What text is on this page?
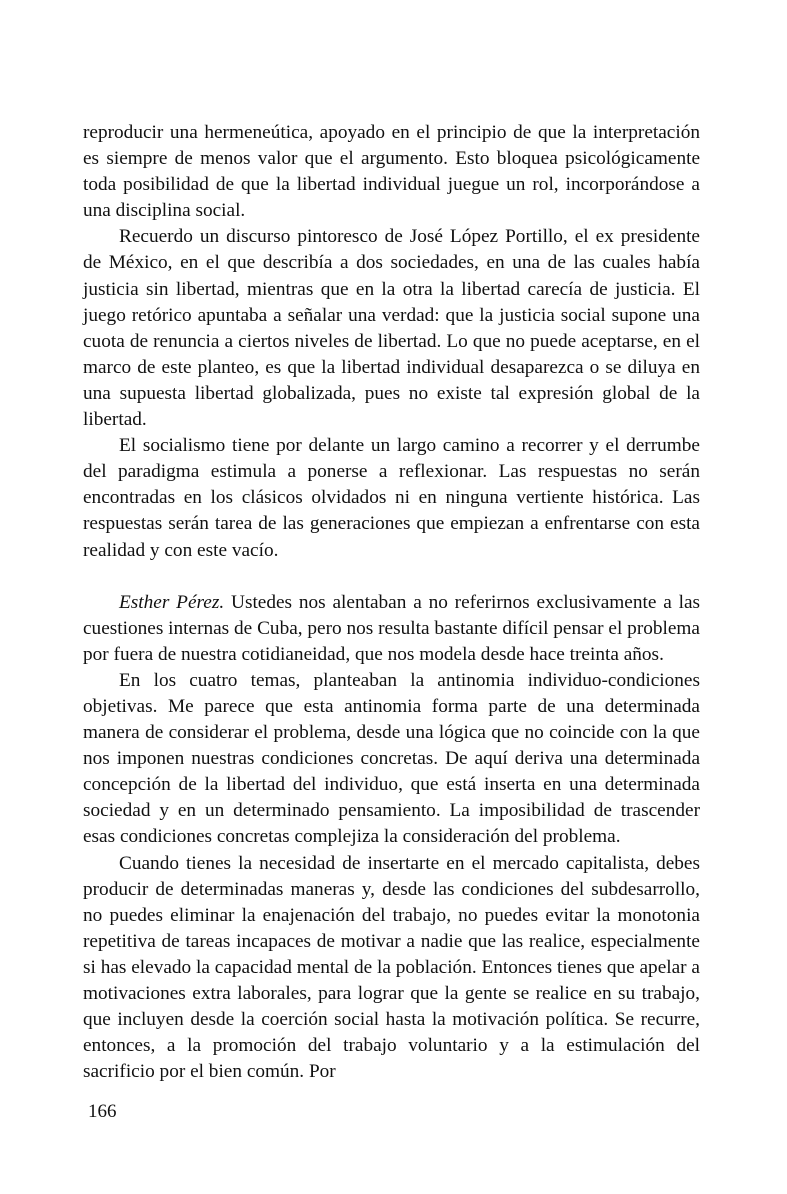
reproducir una hermeneútica, apoyado en el principio de que la interpretación es siempre de menos valor que el argumento. Esto bloquea psicológicamente toda posibilidad de que la libertad individual juegue un rol, incorporándose a una disciplina social.

Recuerdo un discurso pintoresco de José López Portillo, el ex presidente de México, en el que describía a dos sociedades, en una de las cuales había justicia sin libertad, mientras que en la otra la libertad carecía de justicia. El juego retórico apuntaba a señalar una verdad: que la justicia social supone una cuota de renuncia a ciertos niveles de libertad. Lo que no puede aceptarse, en el marco de este planteo, es que la libertad individual desaparezca o se diluya en una supuesta libertad globalizada, pues no existe tal expresión global de la libertad.

El socialismo tiene por delante un largo camino a recorrer y el derrumbe del paradigma estimula a ponerse a reflexionar. Las respuestas no serán encontradas en los clásicos olvidados ni en ninguna vertiente histórica. Las respuestas serán tarea de las generaciones que empiezan a enfrentarse con esta realidad y con este vacío.

Esther Pérez. Ustedes nos alentaban a no referirnos exclusivamente a las cuestiones internas de Cuba, pero nos resulta bastante difícil pensar el problema por fuera de nuestra cotidianeidad, que nos modela desde hace treinta años.

En los cuatro temas, planteaban la antinomia individuo-condiciones objetivas. Me parece que esta antinomia forma parte de una determinada manera de considerar el problema, desde una lógica que no coincide con la que nos imponen nuestras condiciones concretas. De aquí deriva una determinada concepción de la libertad del individuo, que está inserta en una determinada sociedad y en un determinado pensamiento. La imposibilidad de trascender esas condiciones concretas complejiza la consideración del problema.

Cuando tienes la necesidad de insertarte en el mercado capitalista, debes producir de determinadas maneras y, desde las condiciones del subdesarrollo, no puedes eliminar la enajenación del trabajo, no puedes evitar la monotonia repetitiva de tareas incapaces de motivar a nadie que las realice, especialmente si has elevado la capacidad mental de la población. Entonces tienes que apelar a motivaciones extra laborales, para lograr que la gente se realice en su trabajo, que incluyen desde la coerción social hasta la motivación política. Se recurre, entonces, a la promoción del trabajo voluntario y a la estimulación del sacrificio por el bien común. Por

166
